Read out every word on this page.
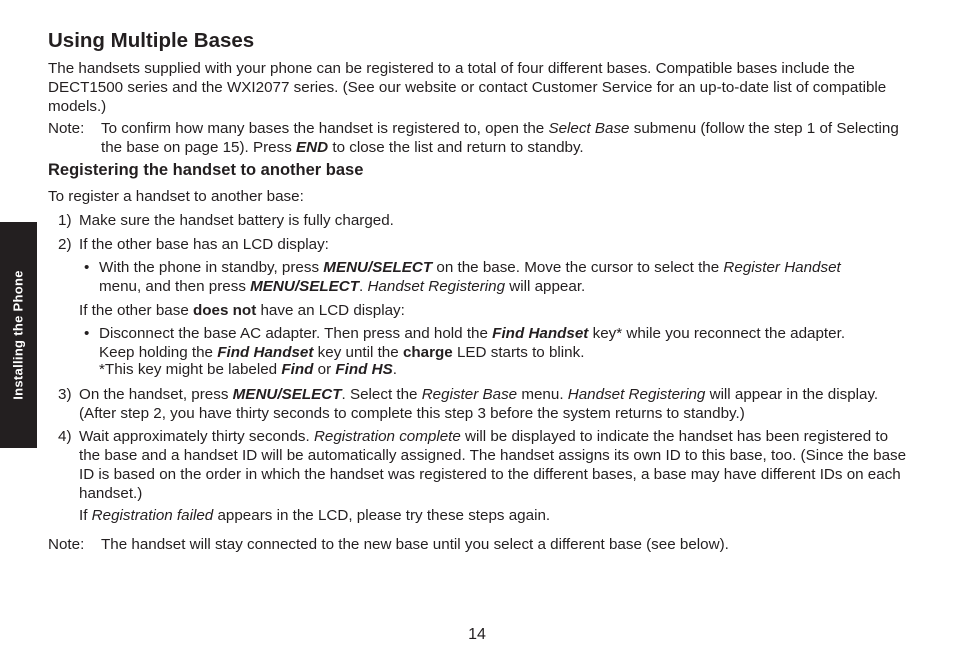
Installing the Phone
Using Multiple Bases

The handsets supplied with your phone can be registered to a total of four different bases. Compatible bases include the DECT1500 series and the WXI2077 series. (See our website or contact Customer Service for an up-to-date list of compatible models.)

Note: To confirm how many bases the handset is registered to, open the Select Base submenu (follow the step 1 of Selecting the base on page 15). Press END to close the list and return to standby.

Registering the handset to another base

To register a handset to another base:

1) Make sure the handset battery is fully charged.

2) If the other base has an LCD display:

• With the phone in standby, press MENU/SELECT on the base. Move the cursor to select the Register Handset menu, and then press MENU/SELECT. Handset Registering will appear.

If the other base does not have an LCD display:

• Disconnect the base AC adapter. Then press and hold the Find Handset key* while you reconnect the adapter. Keep holding the Find Handset key until the charge LED starts to blink.

*This key might be labeled Find or Find HS.

3) On the handset, press MENU/SELECT. Select the Register Base menu. Handset Registering will appear in the display. (After step 2, you have thirty seconds to complete this step 3 before the system returns to standby.)

4) Wait approximately thirty seconds. Registration complete will be displayed to indicate the handset has been registered to the base and a handset ID will be automatically assigned. The handset assigns its own ID to this base, too. (Since the base ID is based on the order in which the handset was registered to the different bases, a base may have different IDs on each handset.)

If Registration failed appears in the LCD, please try these steps again.

Note: The handset will stay connected to the new base until you select a different base (see below).

14
